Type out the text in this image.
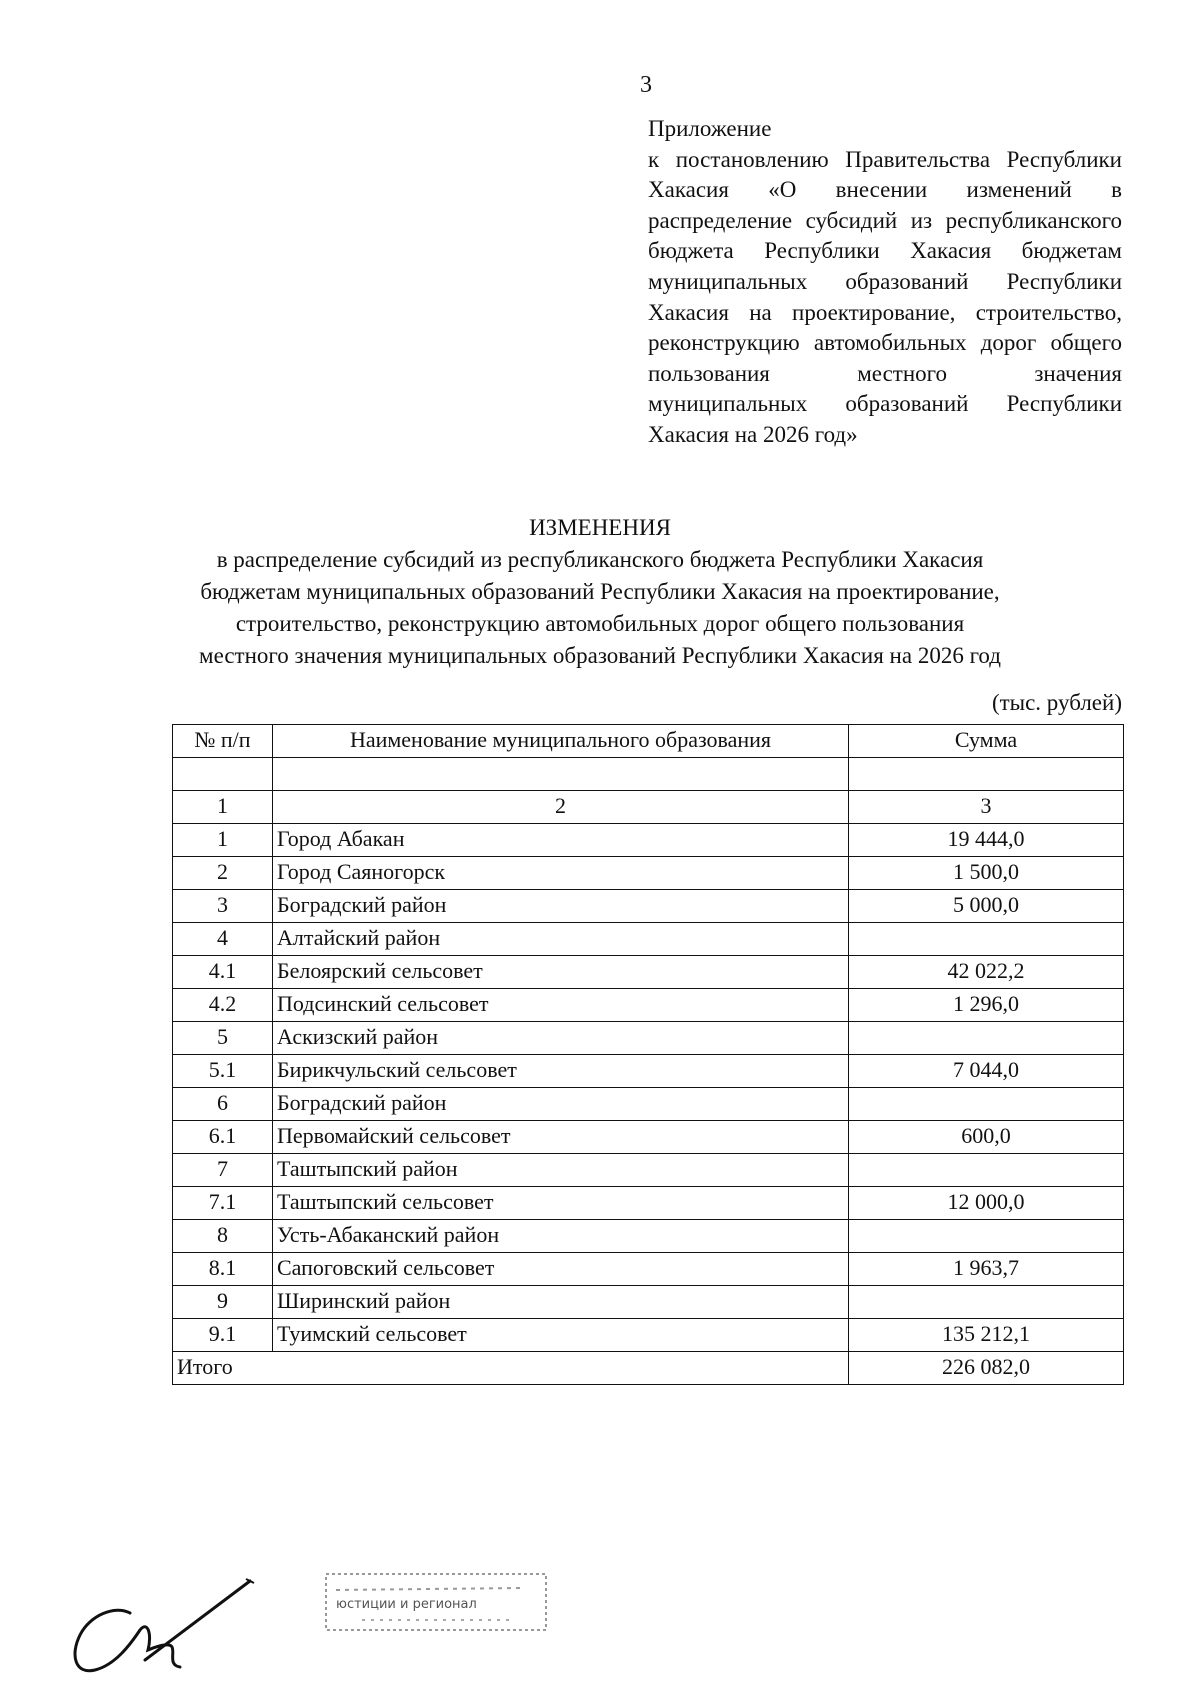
3
Приложение
к постановлению Правительства Республики Хакасия «О внесении изменений в распределение субсидий из республиканского бюджета Республики Хакасия бюджетам муниципальных образований Республики Хакасия на проектирование, строительство, реконструкцию автомобильных дорог общего пользования местного значения муниципальных образований Республики Хакасия на 2026 год»
ИЗМЕНЕНИЯ
в распределение субсидий из республиканского бюджета Республики Хакасия
бюджетам муниципальных образований Республики Хакасия на проектирование,
строительство, реконструкцию автомобильных дорог общего пользования
местного значения муниципальных образований Республики Хакасия на 2026 год
(тыс. рублей)
№ п/п	Наименование муниципального образования	Сумма

1	2	3
1	Город Абакан	19 444,0
2	Город Саяногорск	1 500,0
3	Боградский район	5 000,0
4	Алтайский район	
4.1	Белоярский сельсовет	42 022,2
4.2	Подсинский сельсовет	1 296,0
5	Аскизский район	
5.1	Бирикчульский сельсовет	7 044,0
6	Боградский район	
6.1	Первомайский сельсовет	600,0
7	Таштыпский район	
7.1	Таштыпский сельсовет	12 000,0
8	Усть-Абаканский район	
8.1	Сапоговский сельсовет	1 963,7
9	Ширинский район	
9.1	Туимский сельсовет	135 212,1
Итого		226 082,0
юстиции и регионал
